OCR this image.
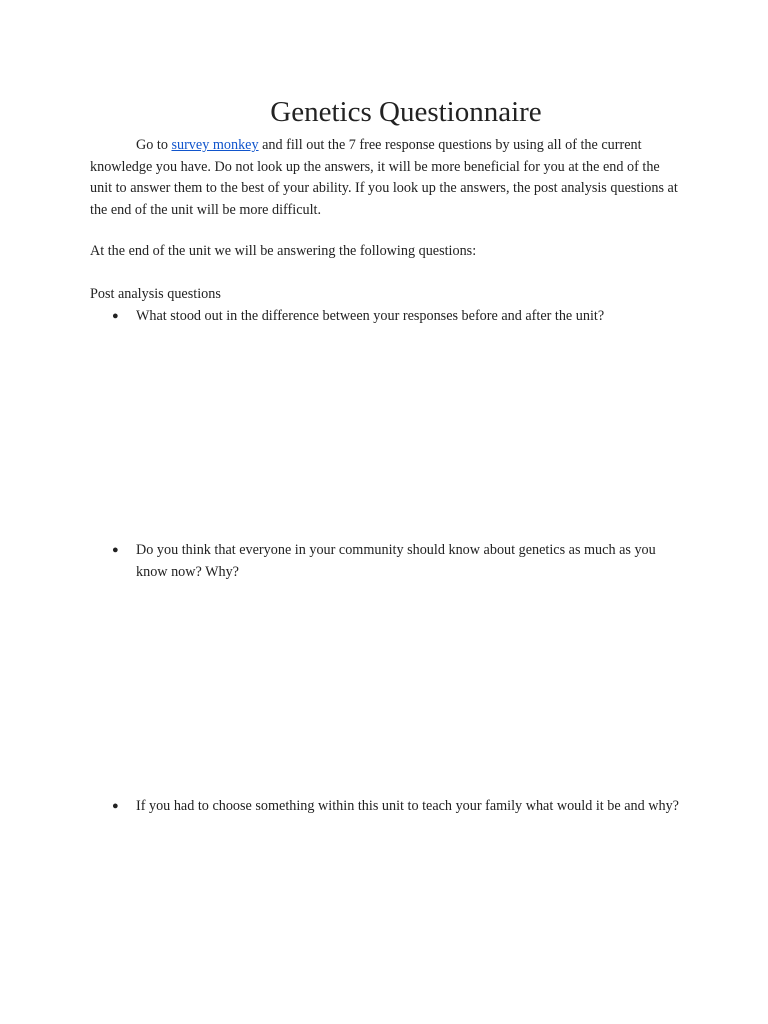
Genetics Questionnaire

Go to survey monkey and fill out the 7 free response questions by using all of the current knowledge you have. Do not look up the answers, it will be more beneficial for you at the end of the unit to answer them to the best of your ability. If you look up the answers, the post analysis questions at the end of the unit will be more difficult.

At the end of the unit we will be answering the following questions:

Post analysis questions

● What stood out in the difference between your responses before and after the unit?
● Do you think that everyone in your community should know about genetics as much as you know now? Why?
● If you had to choose something within this unit to teach your family what would it be and why?
